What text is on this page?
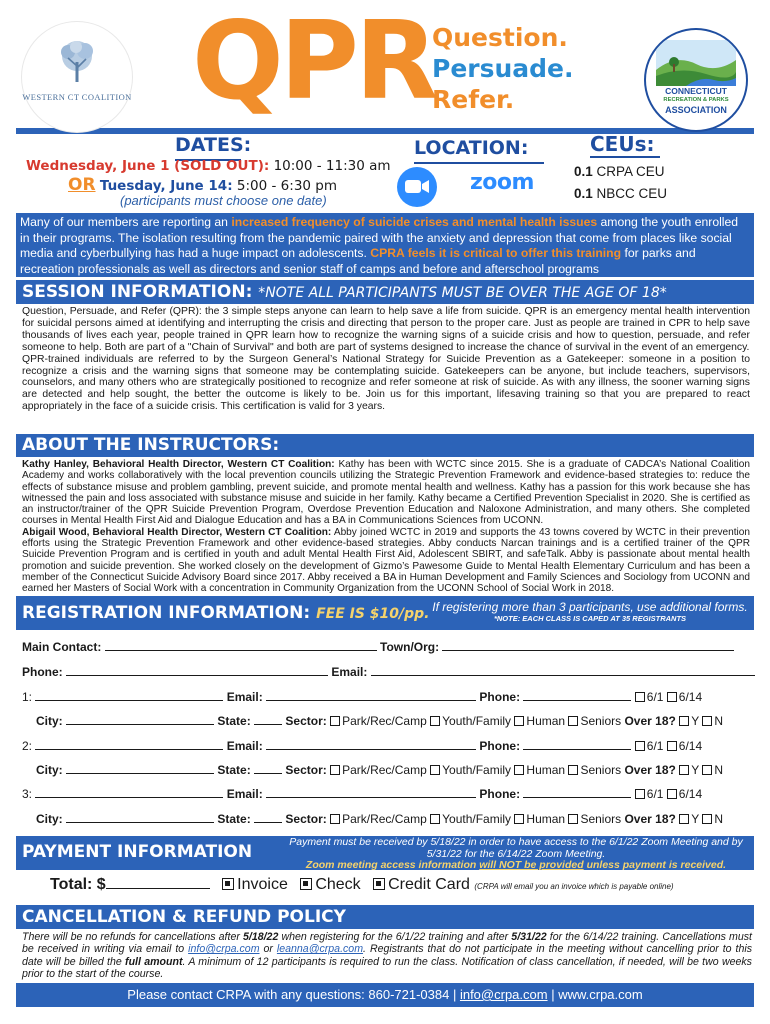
WESTERN CT COALITION QPR
Question.
Persuade.
Refer.	CONNECTICUT
RECREATION & PARKS
ASSOCIATION
DATES:
Wednesday, June 1 (SOLD OUT): 10:00 - 11:30 am
OR Tuesday, June 14: 5:00 - 6:30 pm
(participants must choose one date)
LOCATION:
zoom
CEUs:
0.1 CRPA CEU
0.1 NBCC CEU
Many of our members are reporting an increased frequency of suicide crises and mental health issues among the youth enrolled in their programs. The isolation resulting from the pandemic paired with the anxiety and depression that come from places like social media and cyberbullying has had a huge impact on adolescents. CPRA feels it is critical to offer this training for parks and recreation professionals as well as directors and senior staff of camps and before and afterschool programs
SESSION INFORMATION: *NOTE ALL PARTICIPANTS MUST BE OVER THE AGE OF 18*

Question, Persuade, and Refer (QPR): the 3 simple steps anyone can learn to help save a life from suicide. QPR is an emergency mental health intervention for suicidal persons aimed at identifying and interrupting the crisis and directing that person to the proper care. Just as people are trained in CPR to help save thousands of lives each year, people trained in QPR learn how to recognize the warning signs of a suicide crisis and how to question, persuade, and refer someone to help. Both are part of a "Chain of Survival" and both are part of systems designed to increase the chance of survival in the event of an emergency.

QPR-trained individuals are referred to by the Surgeon General’s National Strategy for Suicide Prevention as a Gatekeeper: someone in a position to recognize a crisis and the warning signs that someone may be contemplating suicide. Gatekeepers can be anyone, but include teachers, supervisors, counselors, and many others who are strategically positioned to recognize and refer someone at risk of suicide. As with any illness, the sooner warning signs are detected and help sought, the better the outcome is likely to be. Join us for this important, lifesaving training so that you are prepared to react appropriately in the face of a suicide crisis. This certification is valid for 3 years.

ABOUT THE INSTRUCTORS:

Kathy Hanley, Behavioral Health Director, Western CT Coalition: Kathy has been with WCTC since 2015. She is a graduate of CADCA’s National Coalition Academy and works collaboratively with the local prevention councils utilizing the Strategic Prevention Framework and evidence-based strategies to: reduce the effects of substance misuse and problem gambling, prevent suicide, and promote mental health and wellness. Kathy has a passion for this work because she has witnessed the pain and loss associated with substance misuse and suicide in her family. Kathy became a Certified Prevention Specialist in 2020. She is certified as an instructor/trainer of the QPR Suicide Prevention Program, Overdose Prevention Education and Naloxone Administration, and many others. She completed courses in Mental Health First Aid and Dialogue Education and has a BA in Communications Sciences from UCONN.

Abigail Wood, Behavioral Health Director, Western CT Coalition: Abby joined WCTC in 2019 and supports the 43 towns covered by WCTC in their prevention efforts using the Strategic Prevention Framework and other evidence-based strategies. Abby conducts Narcan trainings and is a certified trainer of the QPR Suicide Prevention Program and is certified in youth and adult Mental Health First Aid, Adolescent SBIRT, and safeTalk. Abby is passionate about mental health promotion and suicide prevention. She worked closely on the development of Gizmo’s Pawesome Guide to Mental Health Elementary Curriculum and has been a member of the Connecticut Suicide Advisory Board since 2017. Abby received a BA in Human Development and Family Sciences and Sociology from UCONN and earned her Masters of Social Work with a concentration in Community Organization from the UCONN School of Social Work in 2018.

REGISTRATION INFORMATION: FEE IS $10/pp. If registering more than 3 participants, use additional forms.
*NOTE: EACH CLASS IS CAPED AT 35 REGISTRANTS
Main Contact:	Town/Org:
Phone:	Email:
1:	Email:	Phone:	6/1 6/14
City:	State:	Sector: Park/Rec/Camp Youth/Family Human Seniors Over 18? Y N
2:	Email:	Phone:	6/1 6/14
City:	State:	Sector: Park/Rec/Camp Youth/Family Human Seniors Over 18? Y N
3:	Email:	Phone:	6/1 6/14
City:	State:	Sector: Park/Rec/Camp Youth/Family Human Seniors Over 18? Y N
PAYMENT INFORMATION	Payment must be received by 5/18/22 in order to have access to the 6/1/22 Zoom Meeting and by 5/31/22 for the 6/14/22 Zoom Meeting.
Zoom meeting access information will NOT be provided unless payment is received.
Total: $	Invoice Check Credit Card (CRPA will email you an invoice which is payable online)
CANCELLATION & REFUND POLICY
There will be no refunds for cancellations after 5/18/22 when registering for the 6/1/22 training and after 5/31/22 for the 6/14/22 training. Cancellations must be received in writing via email to info@crpa.com or leanna@crpa.com. Registrants that do not participate in the meeting without cancelling prior to this date will be billed the full amount. A minimum of 12 participants is required to run the class. Notification of class cancellation, if needed, will be two weeks prior to the start of the course.
Please contact CRPA with any questions: 860-721-0384 | info@crpa.com | www.crpa.com
